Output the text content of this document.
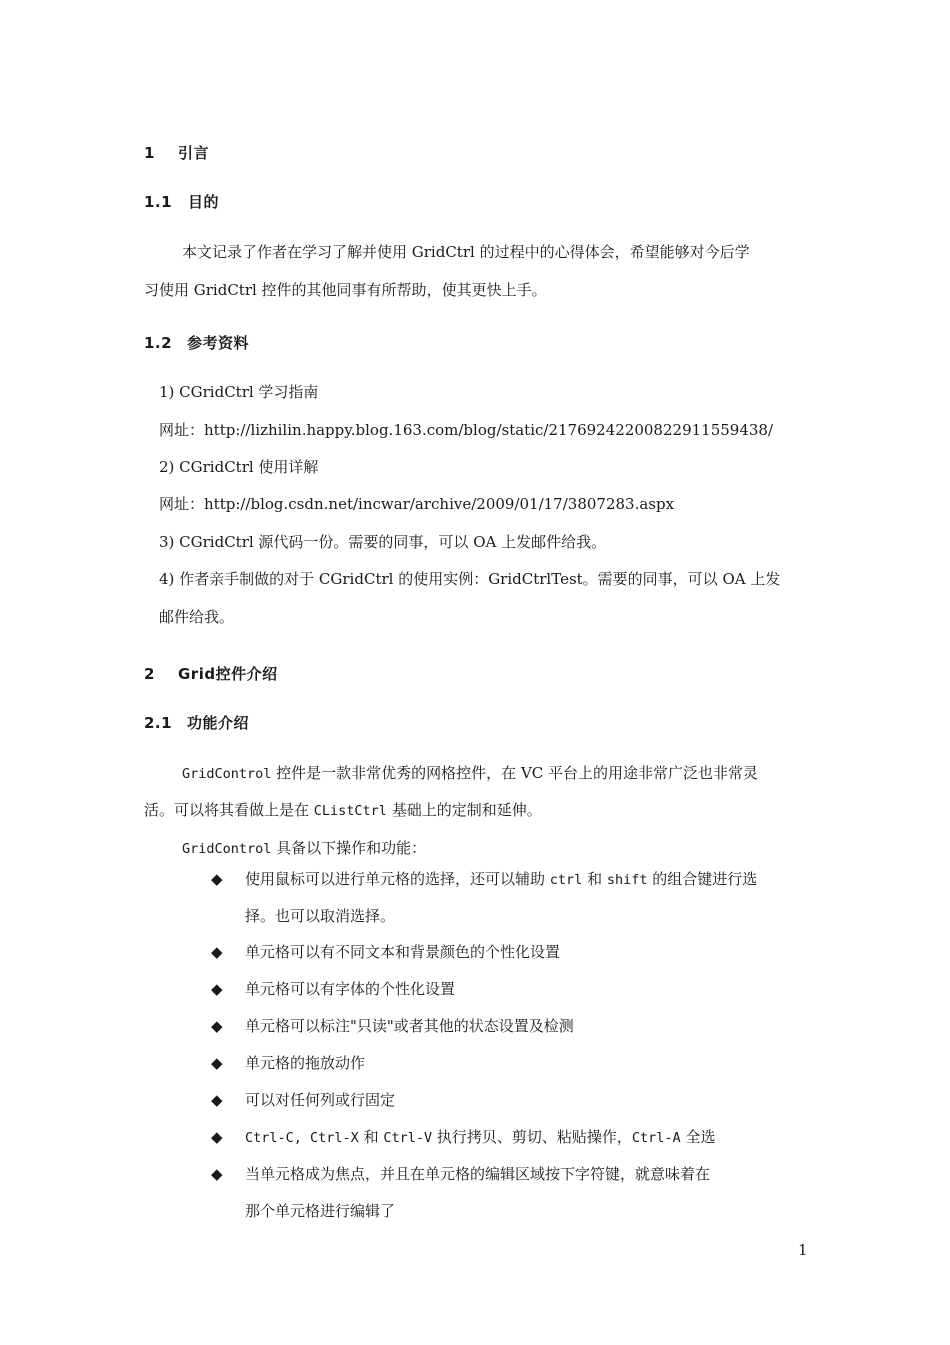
1 引言
1.1 目的
本文记录了作者在学习了解并使用 GridCtrl 的过程中的心得体会，希望能够对今后学
习使用 GridCtrl 控件的其他同事有所帮助，使其更快上手。
1.2 参考资料
1) CGridCtrl 学习指南
网址：http://lizhilin.happy.blog.163.com/blog/static/21769242200822911559438/
2) CGridCtrl 使用详解
网址：http://blog.csdn.net/incwar/archive/2009/01/17/3807283.aspx
3) CGridCtrl 源代码一份。需要的同事，可以 OA 上发邮件给我。
4) 作者亲手制做的对于 CGridCtrl 的使用实例：GridCtrlTest。需要的同事，可以 OA 上发
邮件给我。
2 Grid控件介绍
2.1 功能介绍
GridControl 控件是一款非常优秀的网格控件，在 VC 平台上的用途非常广泛也非常灵
活。可以将其看做上是在 CListCtrl 基础上的定制和延伸。
GridControl 具备以下操作和功能：
◆ 使用鼠标可以进行单元格的选择，还可以辅助 ctrl 和 shift 的组合键进行选
择。也可以取消选择。
◆ 单元格可以有不同文本和背景颜色的个性化设置
◆ 单元格可以有字体的个性化设置
◆ 单元格可以标注"只读"或者其他的状态设置及检测
◆ 单元格的拖放动作
◆ 可以对任何列或行固定
◆ Ctrl-C, Ctrl-X 和 Ctrl-V 执行拷贝、剪切、粘贴操作，Ctrl-A 全选
◆ 当单元格成为焦点，并且在单元格的编辑区域按下字符键，就意味着在
那个单元格进行编辑了
1
